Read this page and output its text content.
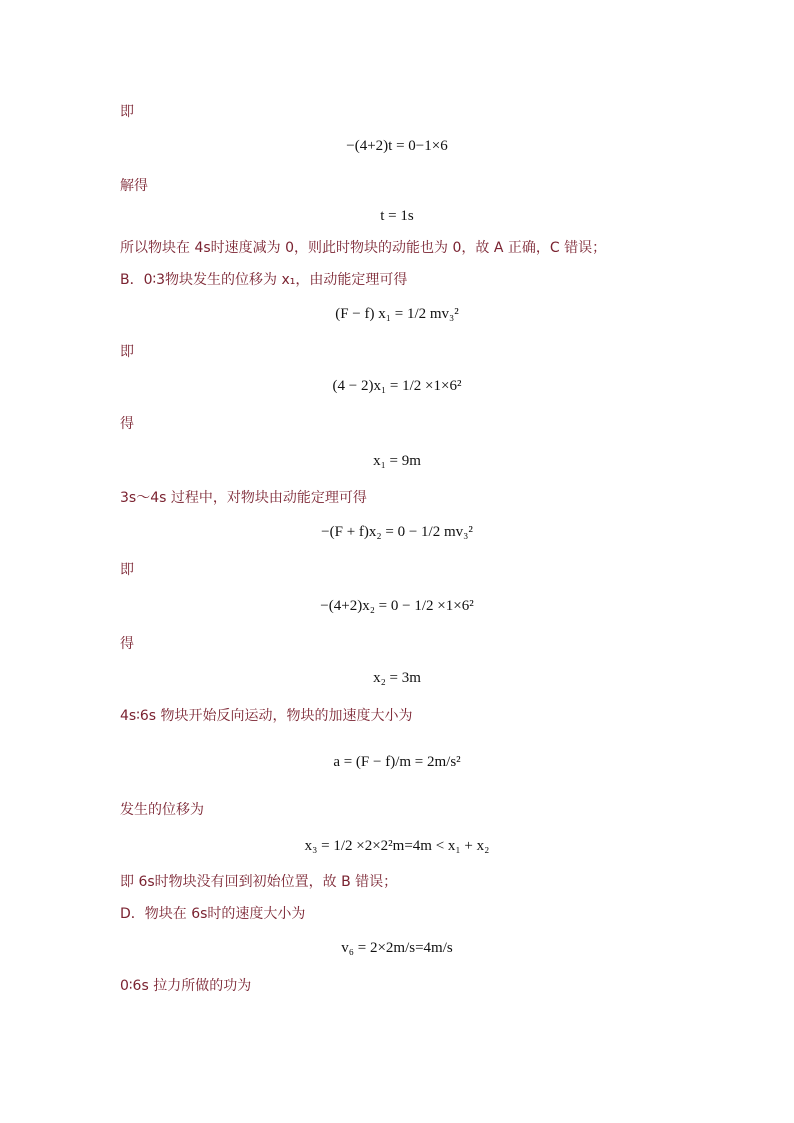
即
−(4+2)t = 0−1×6
解得
t = 1s
所以物块在 4s时速度减为 0，则此时物块的动能也为 0，故 A 正确，C 错误；
B．0∶3物块发生的位移为 x₁，由动能定理可得
(F − f) x₁ = 1/2 mv₃²
即
(4 − 2)x₁ = 1/2 ×1×6²
得
x₁ = 9m
3s～4s 过程中，对物块由动能定理可得
−(F + f)x₂ = 0 − 1/2 mv₃²
即
−(4+2)x₂ = 0 − 1/2 ×1×6²
得
x₂ = 3m
4s∶6s 物块开始反向运动，物块的加速度大小为
a = (F − f)/m = 2m/s²
发生的位移为
x₃ = 1/2 ×2×2²m=4m < x₁ + x₂
即 6s时物块没有回到初始位置，故 B 错误；
D．物块在 6s时的速度大小为
v₆ = 2×2m/s=4m/s
0∶6s 拉力所做的功为
